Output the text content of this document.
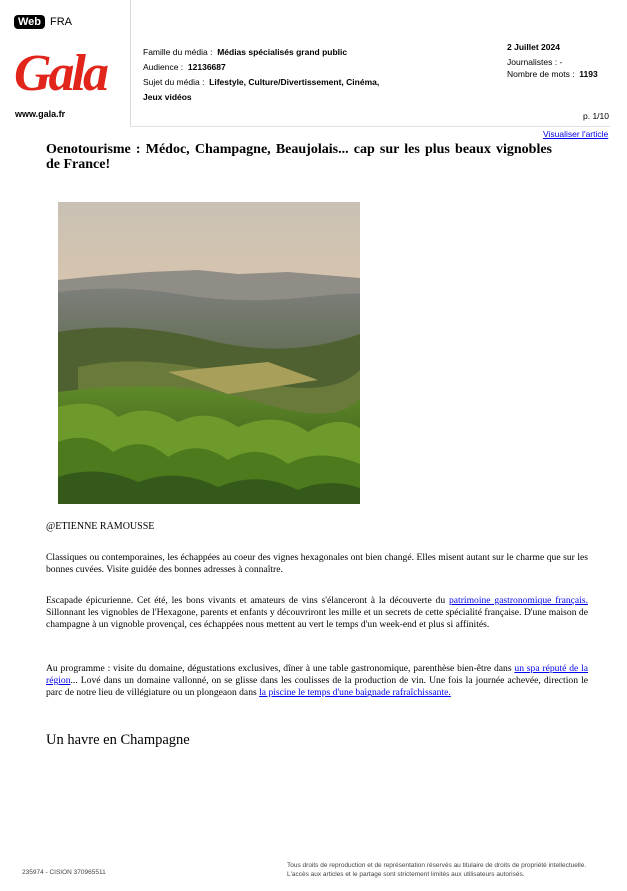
Web FRA
Gala
www.gala.fr
Famille du média : Médias spécialisés grand public
Audience : 12136687
Sujet du média : Lifestyle, Culture/Divertissement, Cinéma,
Jeux vidéos
2 Juillet 2024
Journalistes : -
Nombre de mots : 1193
p. 1/10
Visualiser l'article
Oenotourisme : Médoc, Champagne, Beaujolais... cap sur les plus beaux vignobles de France!
@ETIENNE RAMOUSSE
Classiques ou contemporaines, les échappées au coeur des vignes hexagonales ont bien changé. Elles misent autant sur le charme que sur les bonnes cuvées. Visite guidée des bonnes adresses à connaître.
Escapade épicurienne. Cet été, les bons vivants et amateurs de vins s'élanceront à la découverte du patrimoine gastronomique français. Sillonnant les vignobles de l'Hexagone, parents et enfants y découvriront les mille et un secrets de cette spécialité française. D'une maison de champagne à un vignoble provençal, ces échappées nous mettent au vert le temps d'un week-end et plus si affinités.
Au programme : visite du domaine, dégustations exclusives, dîner à une table gastronomique, parenthèse bien-être dans un spa réputé de la région... Lové dans un domaine vallonné, on se glisse dans les coulisses de la production de vin. Une fois la journée achevée, direction le parc de notre lieu de villégiature ou un plongeaon dans la piscine le temps d'une baignade rafraîchissante.
Un havre en Champagne
235974 - CISION 370965511
Tous droits de reproduction et de représentation réservés au titulaire de droits de propriété intellectuelle.
L'accès aux articles et le partage sont strictement limités aux utilisateurs autorisés.
